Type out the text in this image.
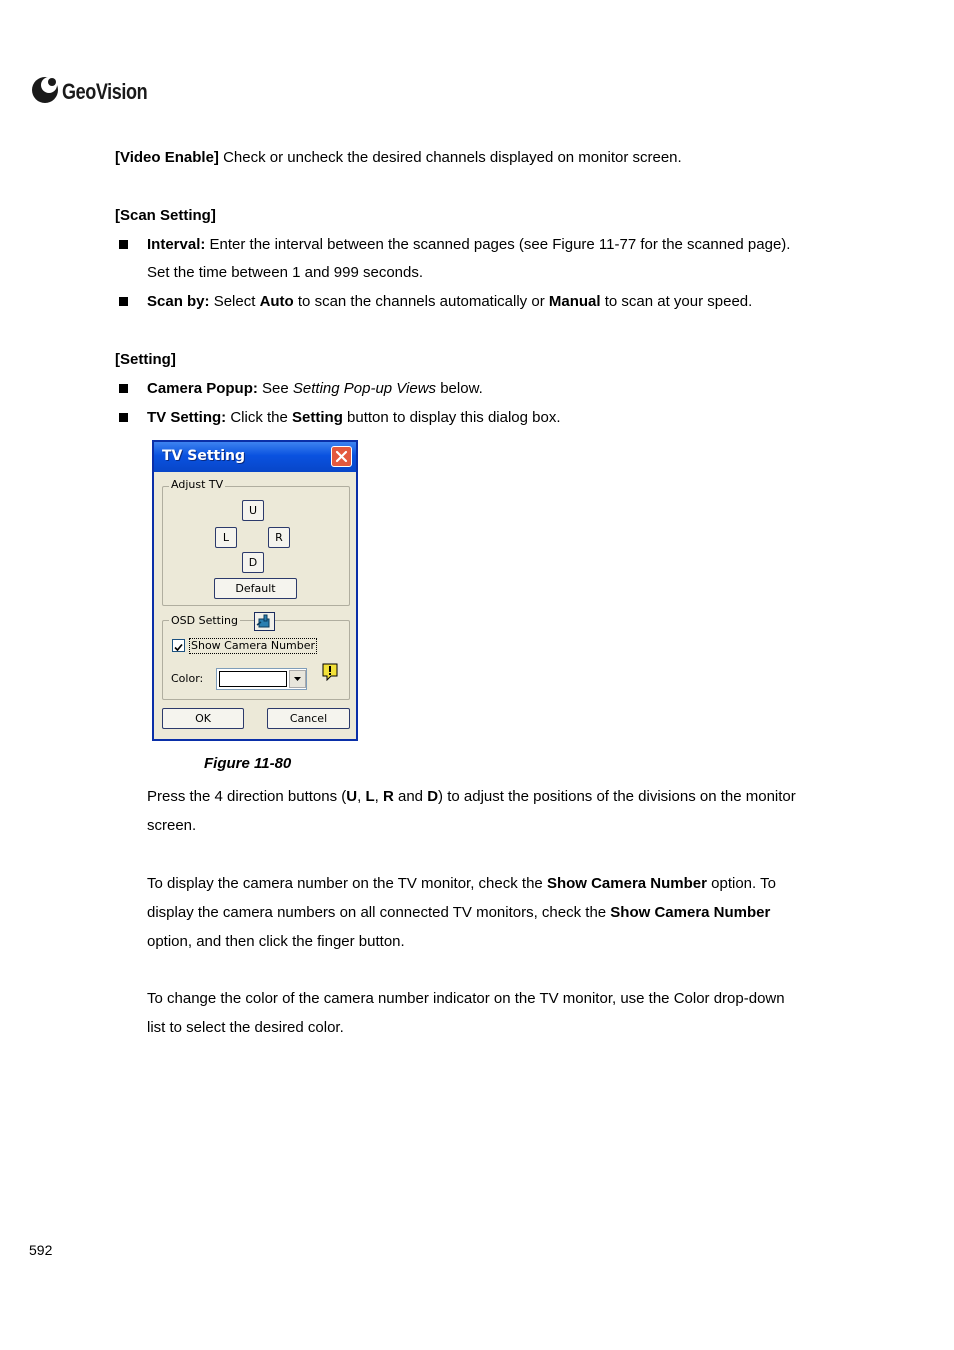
GeoVision
[Video Enable] Check or uncheck the desired channels displayed on monitor screen.
[Scan Setting]
Interval: Enter the interval between the scanned pages (see Figure 11-77 for the scanned page).
Set the time between 1 and 999 seconds.
Scan by: Select Auto to scan the channels automatically or Manual to scan at your speed.
[Setting]
Camera Popup: See Setting Pop-up Views below.
TV Setting: Click the Setting button to display this dialog box.
TV Setting
Adjust TV
U
L	R
D
Default
OSD Setting
Show Camera Number
Color:
OK	Cancel
Figure 11-80
Press the 4 direction buttons (U, L, R and D) to adjust the positions of the divisions on the monitor
screen.
To display the camera number on the TV monitor, check the Show Camera Number option. To
display the camera numbers on all connected TV monitors, check the Show Camera Number
option, and then click the finger button.
To change the color of the camera number indicator on the TV monitor, use the Color drop-down
list to select the desired color.
592
